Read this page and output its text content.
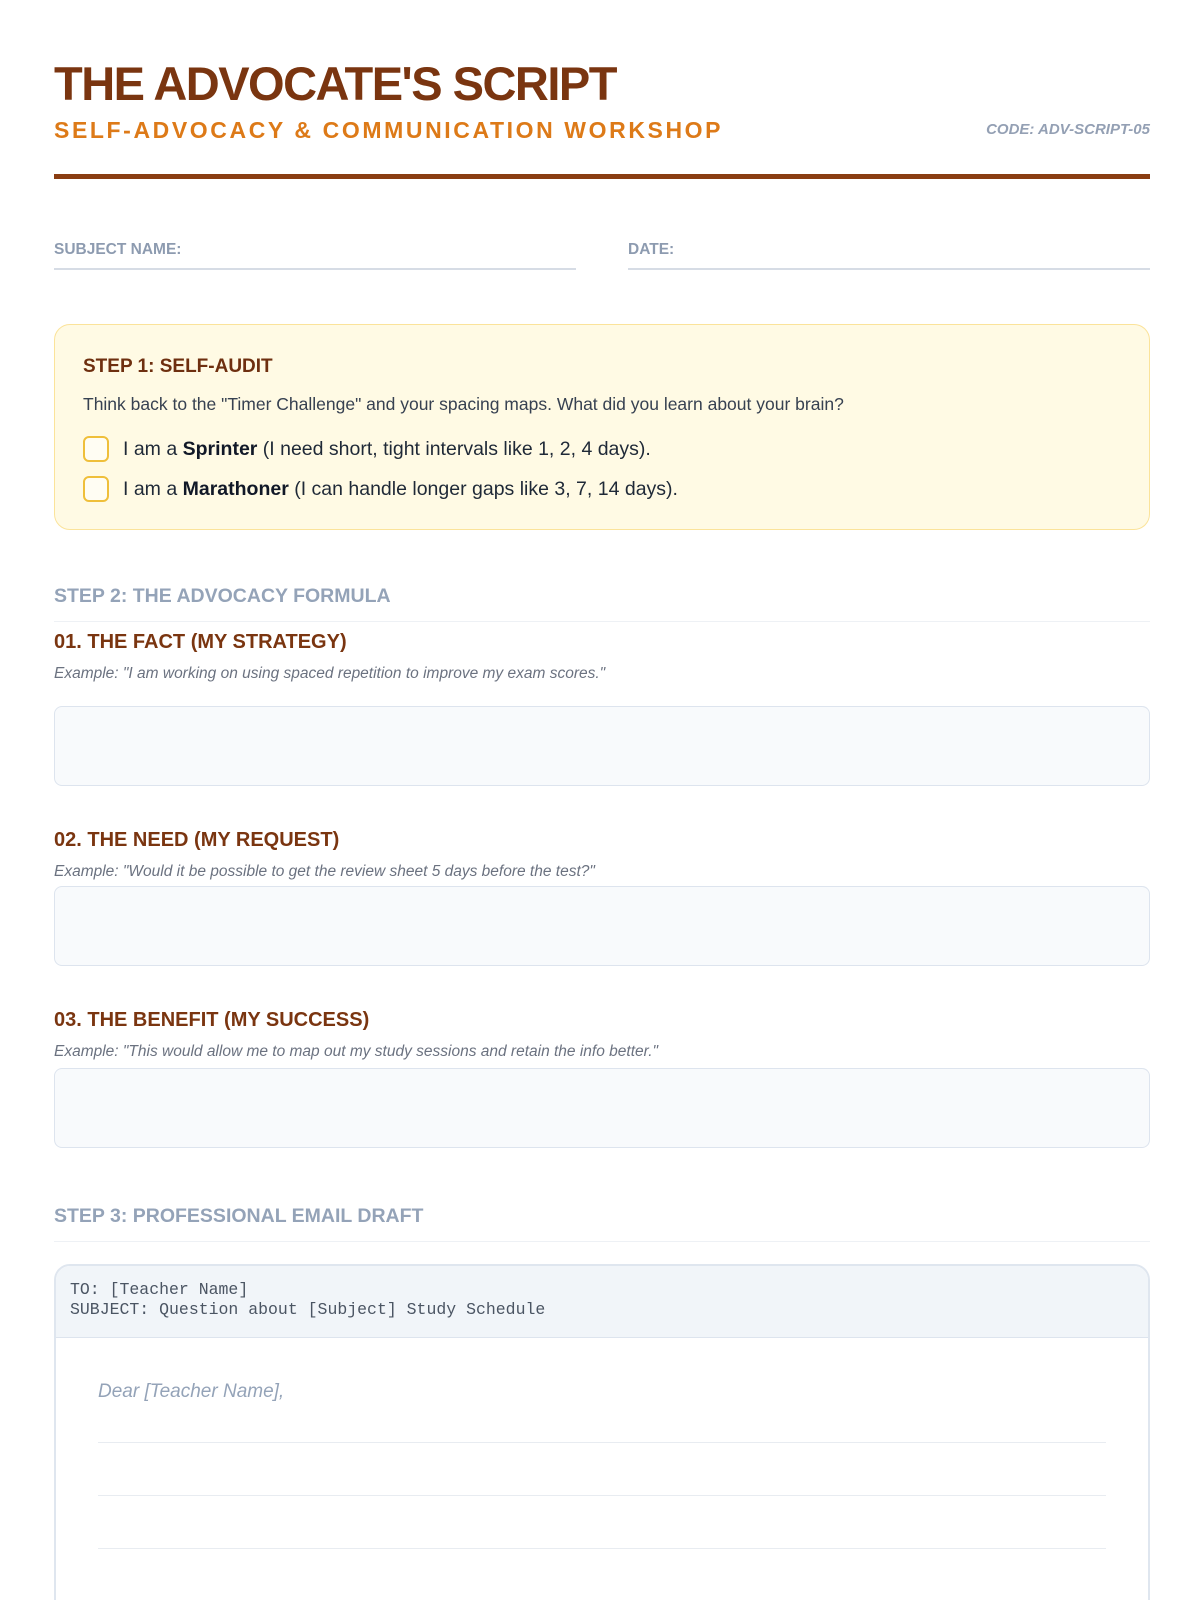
THE ADVOCATE'S SCRIPT
SELF-ADVOCACY & COMMUNICATION WORKSHOP	CODE: ADV-SCRIPT-05
SUBJECT NAME:	DATE:
STEP 1: SELF-AUDIT
Think back to the "Timer Challenge" and your spacing maps. What did you learn about your brain?
I am a Sprinter (I need short, tight intervals like 1, 2, 4 days).
I am a Marathoner (I can handle longer gaps like 3, 7, 14 days).
STEP 2: THE ADVOCACY FORMULA
01. THE FACT (MY STRATEGY)
Example: "I am working on using spaced repetition to improve my exam scores."
02. THE NEED (MY REQUEST)
Example: "Would it be possible to get the review sheet 5 days before the test?"
03. THE BENEFIT (MY SUCCESS)
Example: "This would allow me to map out my study sessions and retain the info better."
STEP 3: PROFESSIONAL EMAIL DRAFT
TO: [Teacher Name]
SUBJECT: Question about [Subject] Study Schedule
Dear [Teacher Name],
